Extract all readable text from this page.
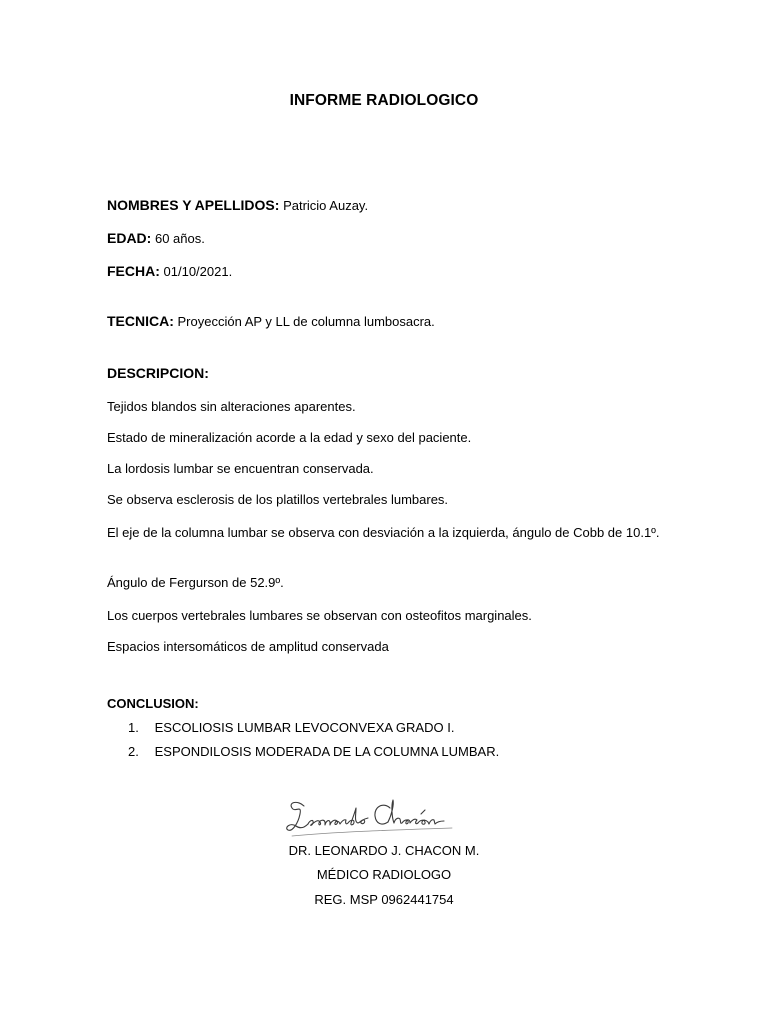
INFORME RADIOLOGICO
NOMBRES Y APELLIDOS: Patricio Auzay.
EDAD: 60 años.
FECHA: 01/10/2021.
TECNICA: Proyección AP y LL de columna lumbosacra.
DESCRIPCION:
Tejidos blandos sin alteraciones aparentes.
Estado de mineralización acorde a la edad y sexo del paciente.
La lordosis lumbar se encuentran conservada.
Se observa esclerosis de los platillos vertebrales lumbares.
El eje de la columna lumbar se observa con desviación a la izquierda, ángulo de Cobb de 10.1º.
Ángulo de Fergurson de 52.9º.
Los cuerpos vertebrales lumbares se observan con osteofitos marginales.
Espacios intersomáticos de amplitud conservada
CONCLUSION:
1. ESCOLIOSIS LUMBAR LEVOCONVEXA GRADO I.
2. ESPONDILOSIS MODERADA DE LA COLUMNA LUMBAR.
DR. LEONARDO J. CHACON M.
MÉDICO RADIOLOGO
REG. MSP 0962441754
